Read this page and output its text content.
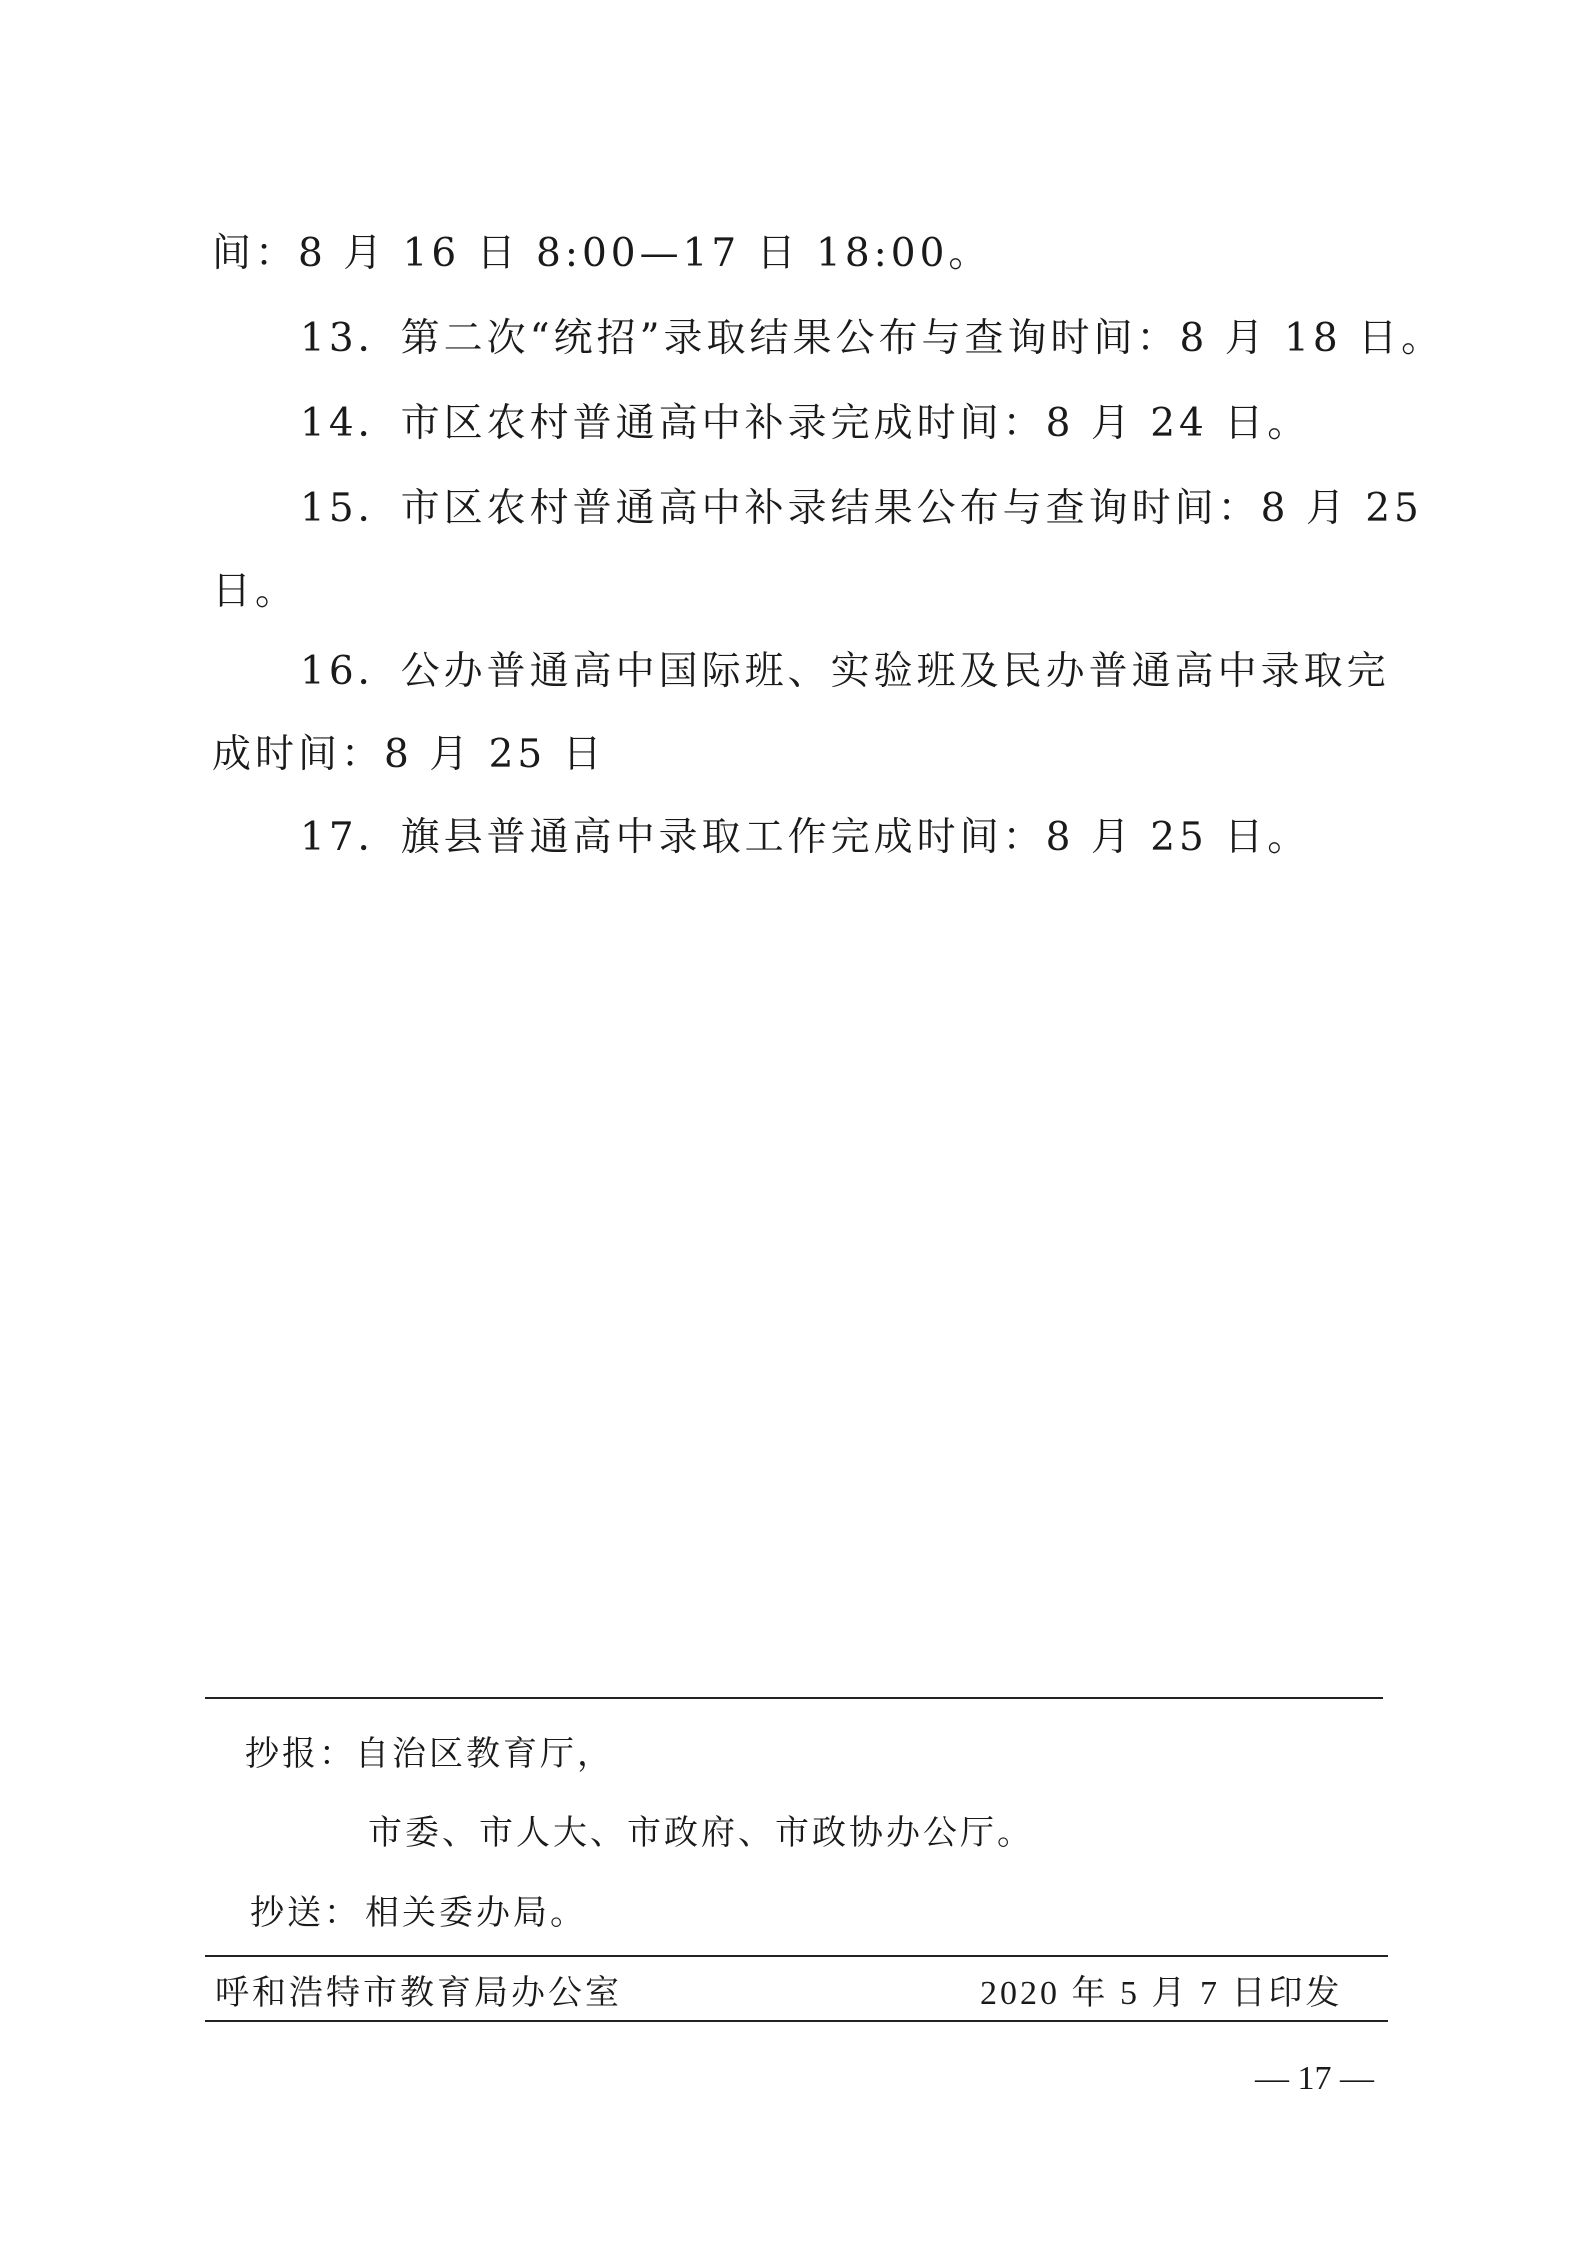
间：8 月 16 日 8:00—17 日 18:00。
13．第二次“统招”录取结果公布与查询时间：8 月 18 日。
14．市区农村普通高中补录完成时间：8 月 24 日。
15．市区农村普通高中补录结果公布与查询时间：8 月 25
日。
16．公办普通高中国际班、实验班及民办普通高中录取完
成时间：8 月 25 日
17．旗县普通高中录取工作完成时间：8 月 25 日。
抄报： 自治区教育厅，
市委、市人大、市政府、市政协办公厅。
抄送： 相关委办局。
呼和浩特市教育局办公室	2020 年 5 月 7 日印发
— 17 —
